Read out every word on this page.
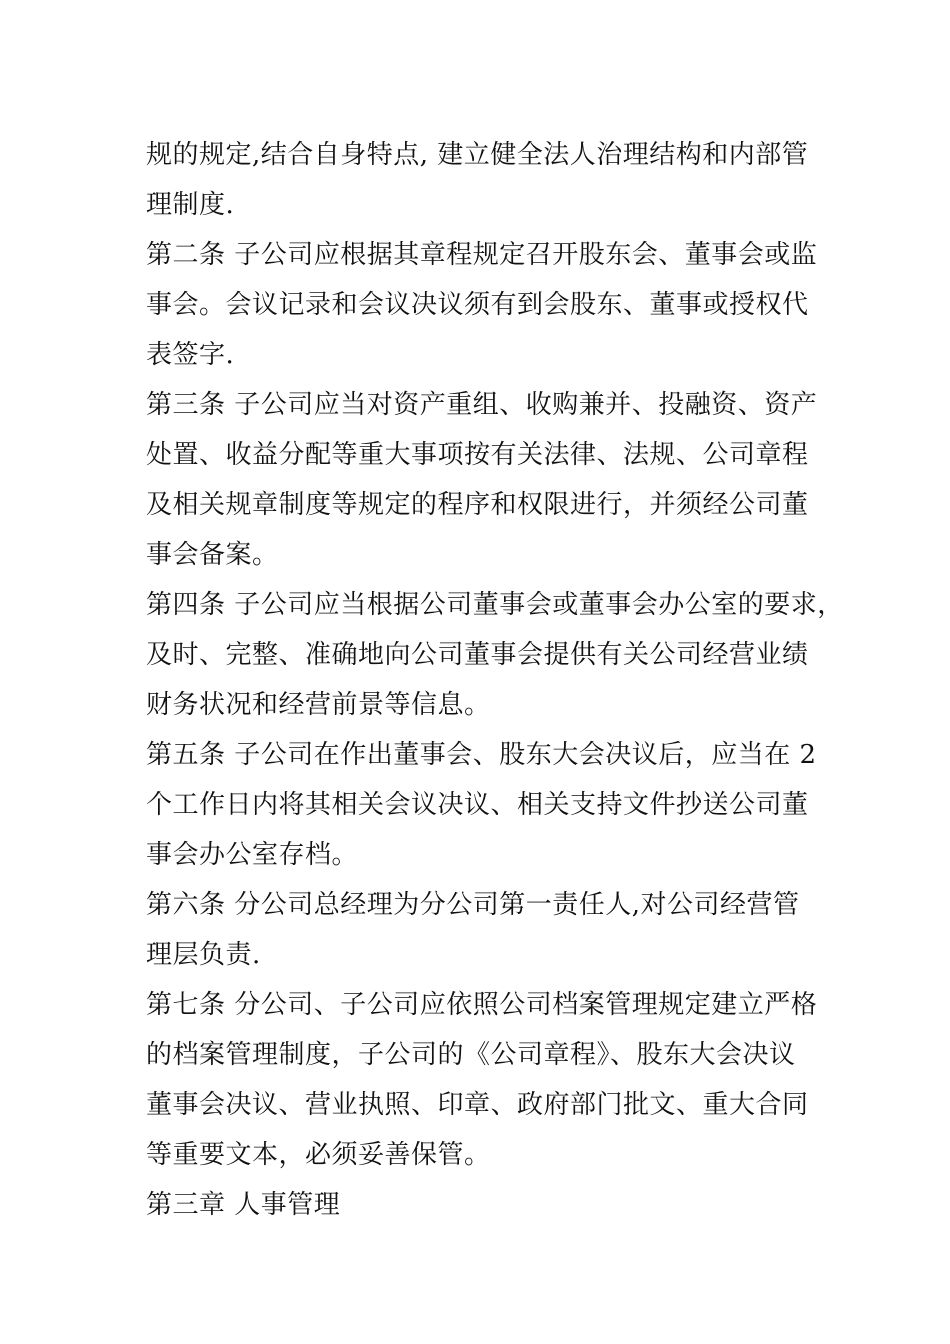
规的规定,结合自身特点, 建立健全法人治理结构和内部管
理制度.
第二条 子公司应根据其章程规定召开股东会、董事会或监
事会。会议记录和会议决议须有到会股东、董事或授权代
表签字.
第三条 子公司应当对资产重组、收购兼并、投融资、资产
处置、收益分配等重大事项按有关法律、法规、公司章程
及相关规章制度等规定的程序和权限进行，并须经公司董
事会备案。
第四条 子公司应当根据公司董事会或董事会办公室的要求，
及时、完整、准确地向公司董事会提供有关公司经营业绩
财务状况和经营前景等信息。
第五条 子公司在作出董事会、股东大会决议后，应当在 2
个工作日内将其相关会议决议、相关支持文件抄送公司董
事会办公室存档。
第六条 分公司总经理为分公司第一责任人,对公司经营管
理层负责.
第七条 分公司、子公司应依照公司档案管理规定建立严格
的档案管理制度，子公司的《公司章程》、股东大会决议
董事会决议、营业执照、印章、政府部门批文、重大合同
等重要文本，必须妥善保管。
第三章 人事管理
